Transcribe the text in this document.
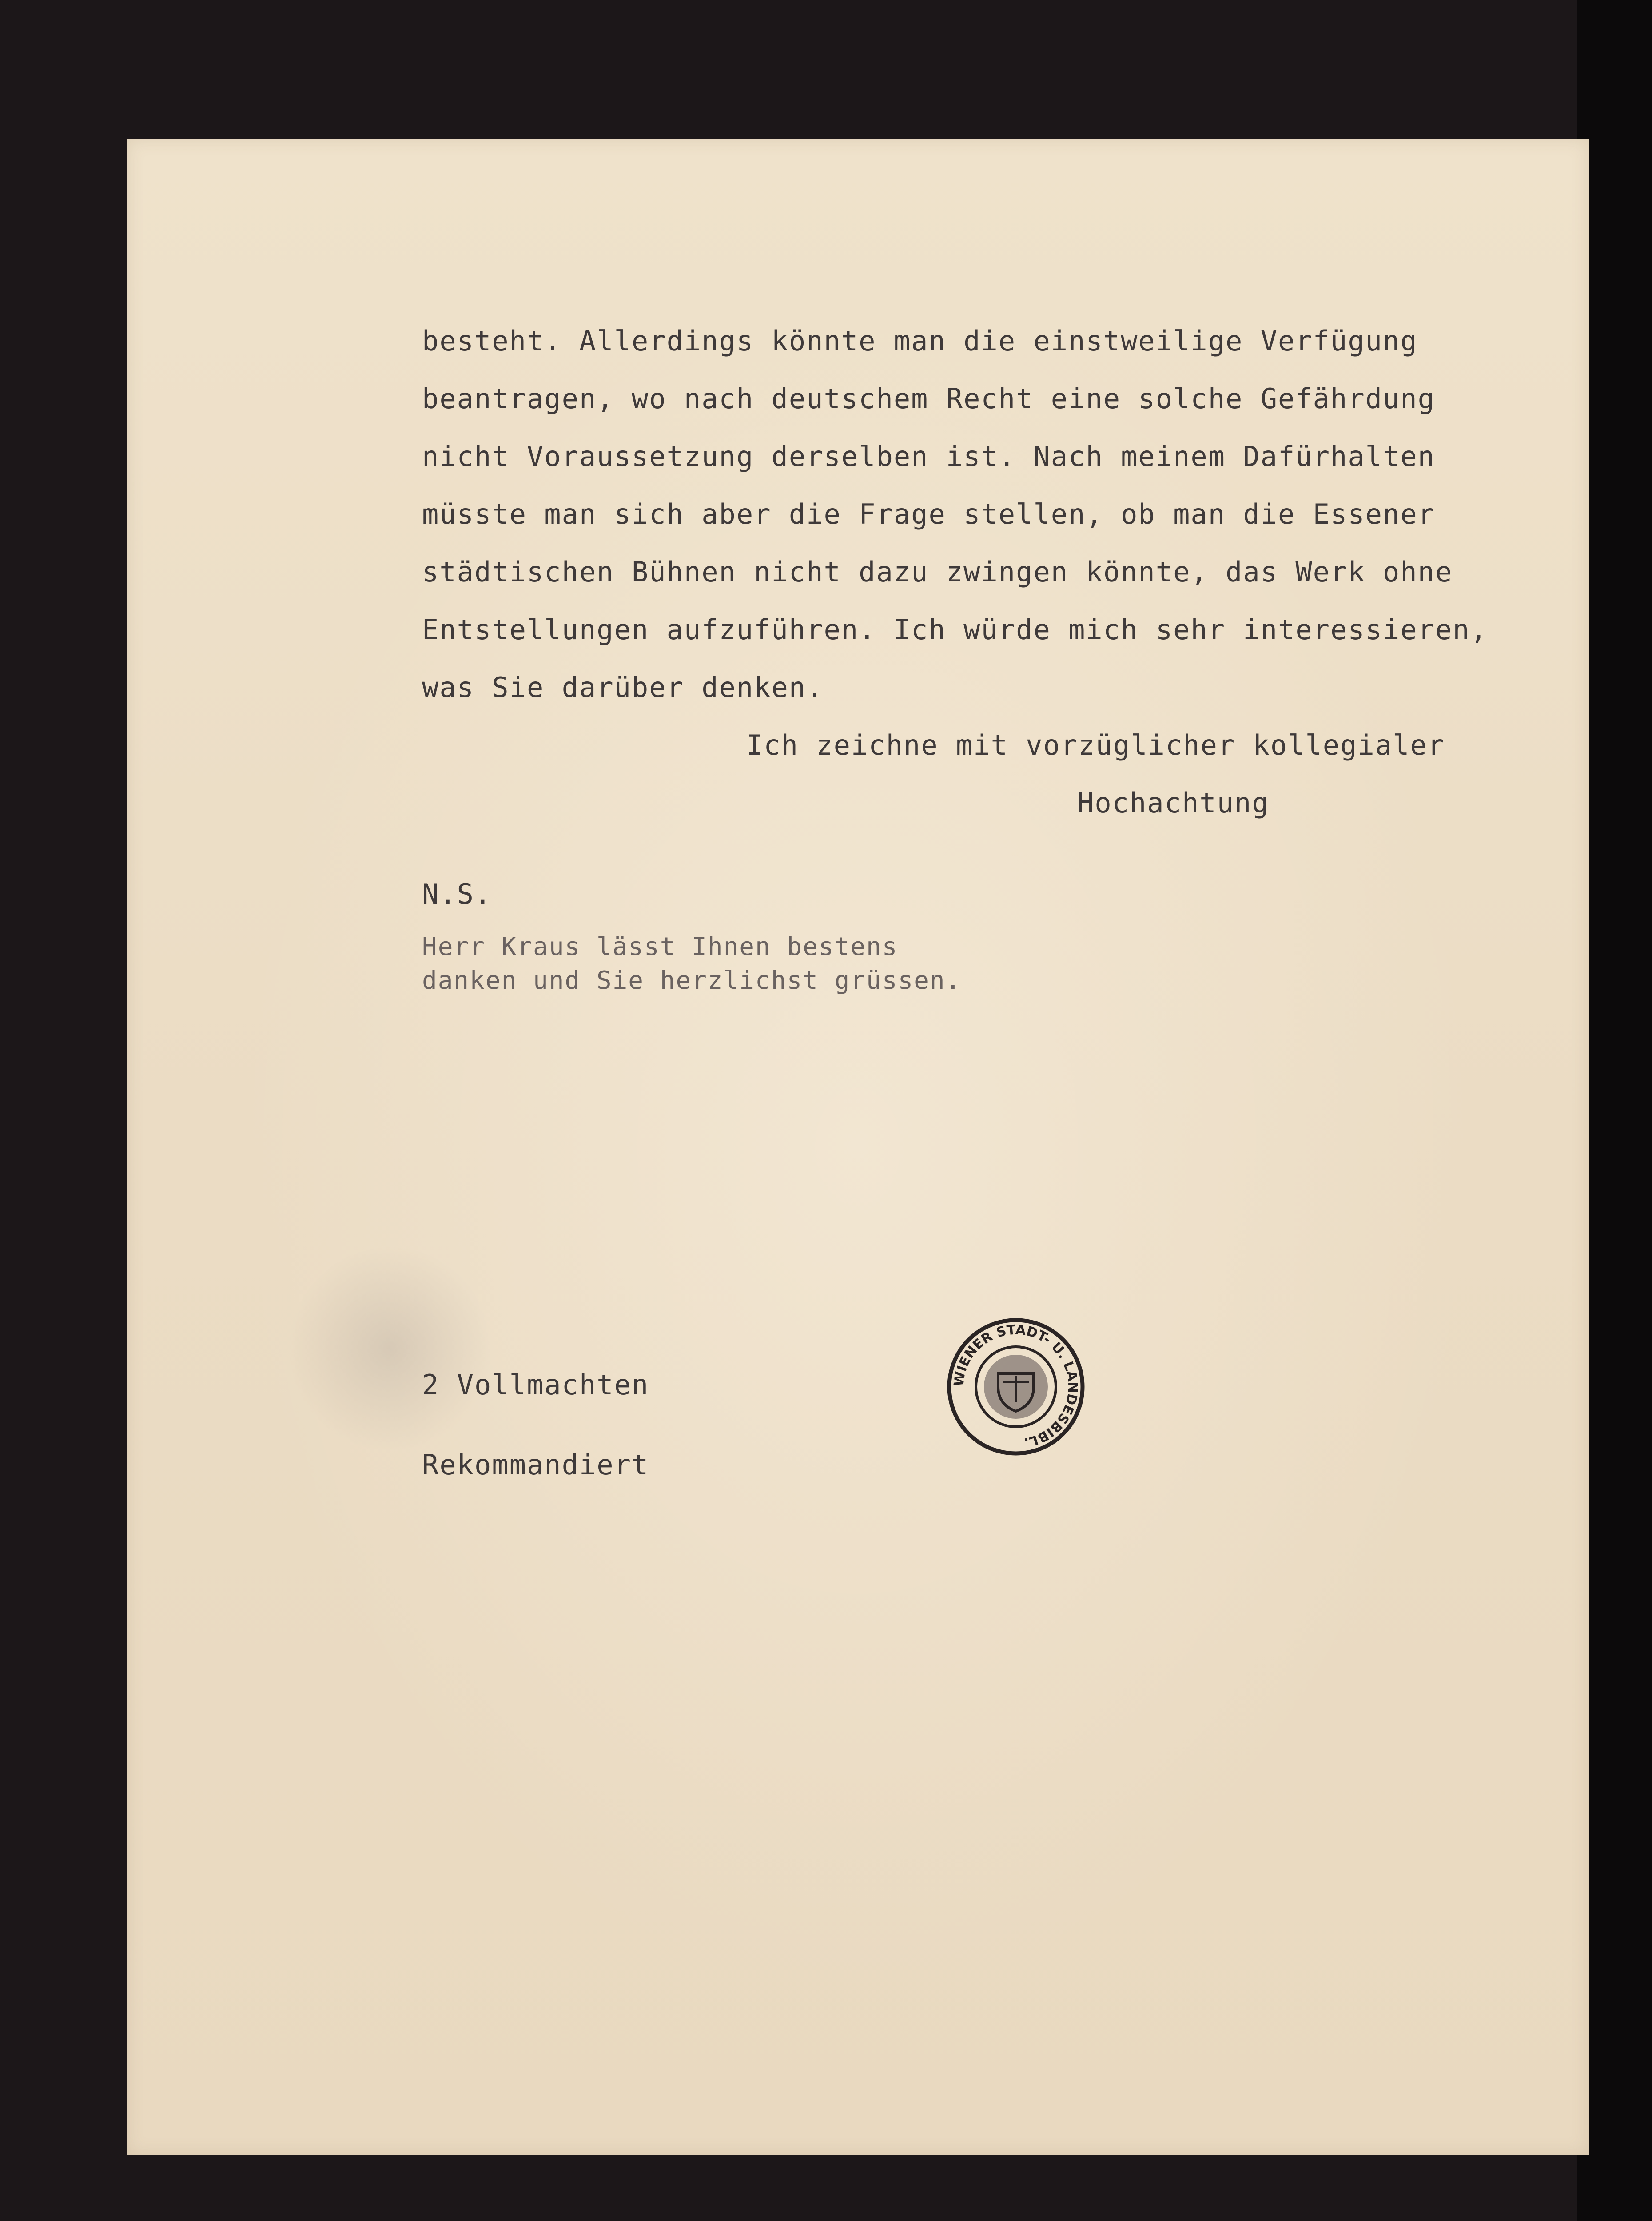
besteht. Allerdings könnte man die einstweilige Verfügung
beantragen, wo nach deutschem Recht eine solche Gefährdung
nicht Voraussetzung derselben ist. Nach meinem Dafürhalten
müsste man sich aber die Frage stellen, ob man die Essener
städtischen Bühnen nicht dazu zwingen könnte, das Werk ohne
Entstellungen aufzuführen. Ich würde mich sehr interessieren,
was Sie darüber denken.
Ich zeichne mit vorzüglicher kollegialer
Hochachtung
N.S.
Herr Kraus lässt Ihnen bestens
danken und Sie herzlichst grüssen.
2 Vollmachten
Rekommandiert
WIENER STADT- U. LANDESBIBL.
